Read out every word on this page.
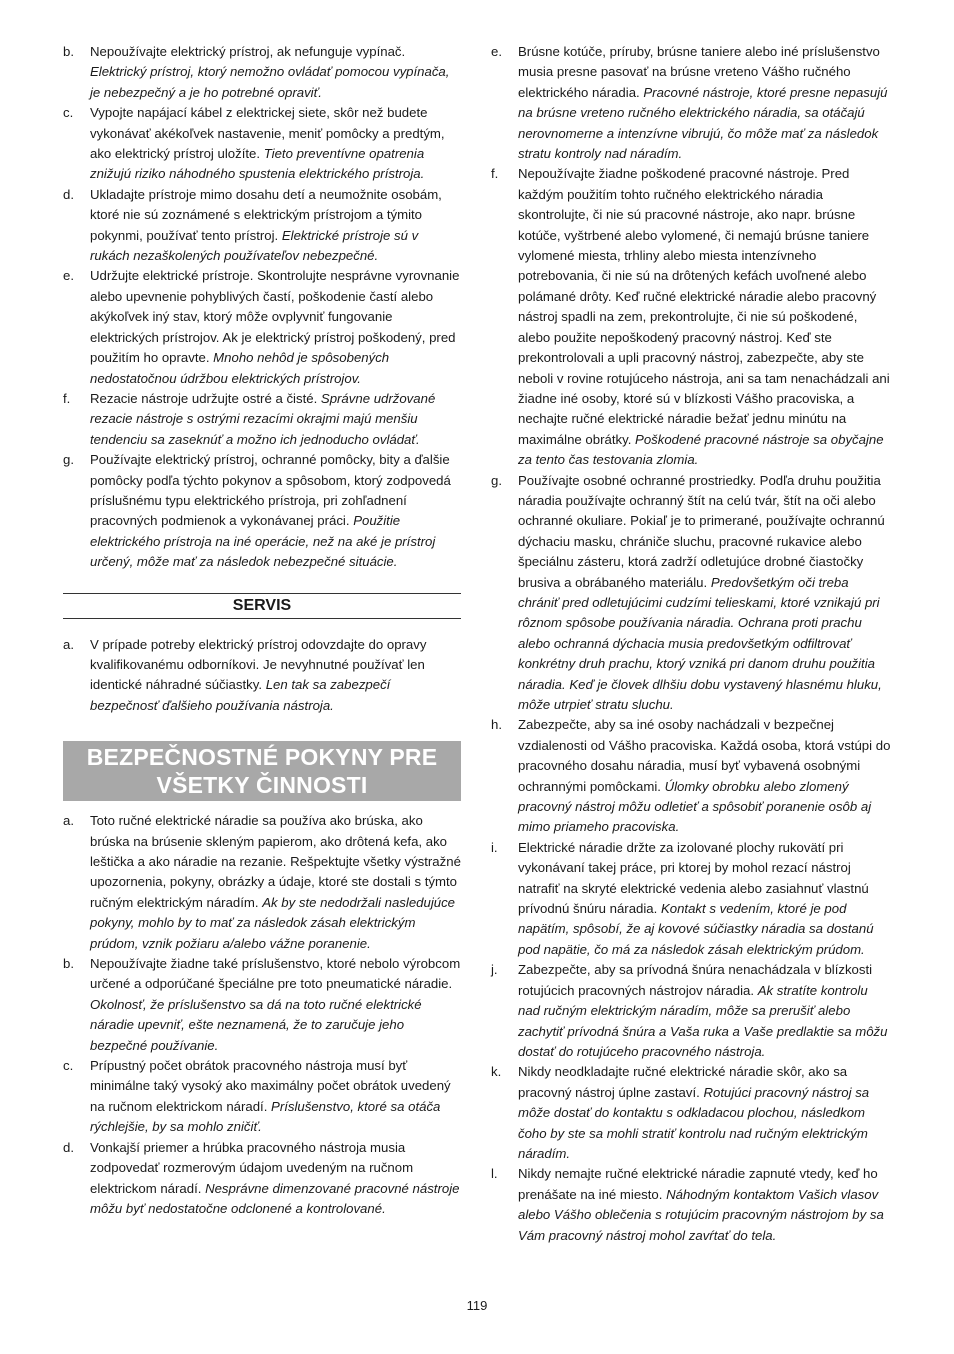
b. Nepoužívajte elektrický prístroj, ak nefunguje vypínač. Elektrický prístroj, ktorý nemožno ovládať pomocou vypínača, je nebezpečný a je ho potrebné opraviť.
c. Vypojte napájací kábel z elektrickej siete, skôr než budete vykonávať akékoľvek nastavenie, meniť pomôcky a predtým, ako elektrický prístroj uložíte. Tieto preventívne opatrenia znižujú riziko náhodného spustenia elektrického prístroja.
d. Ukladajte prístroje mimo dosahu detí a neumožnite osobám, ktoré nie sú zoznámené s elektrickým prístrojom a týmito pokynmi, používať tento prístroj. Elektrické prístroje sú v rukách nezaškolených používateľov nebezpečné.
e. Udržujte elektrické prístroje. Skontrolujte nesprávne vyrovnanie alebo upevnenie pohyblivých častí, poškodenie častí alebo akýkoľvek iný stav, ktorý môže ovplyvniť fungovanie elektrických prístrojov. Ak je elektrický prístroj poškodený, pred použitím ho opravte. Mnoho nehôd je spôsobených nedostatočnou údržbou elektrických prístrojov.
f. Rezacie nástroje udržujte ostré a čisté. Správne udržované rezacie nástroje s ostrými rezacími okrajmi majú menšiu tendenciu sa zaseknúť a možno ich jednoducho ovládať.
g. Používajte elektrický prístroj, ochranné pomôcky, bity a ďalšie pomôcky podľa týchto pokynov a spôsobom, ktorý zodpovedá príslušnému typu elektrického prístroja, pri zohľadnení pracovných podmienok a vykonávanej práci. Použitie elektrického prístroja na iné operácie, než na aké je prístroj určený, môže mať za následok nebezpečné situácie.
SERVIS
a. V prípade potreby elektrický prístroj odovzdajte do opravy kvalifikovanému odborníkovi. Je nevyhnutné používať len identické náhradné súčiastky. Len tak sa zabezpečí bezpečnosť ďalšieho používania nástroja.
BEZPEČNOSTNÉ POKYNY PRE VŠETKY ČINNOSTI
a. Toto ručné elektrické náradie sa používa ako brúska, ako brúska na brúsenie skleným papierom, ako drôtená kefa, ako leštička a ako náradie na rezanie. Rešpektujte všetky výstražné upozornenia, pokyny, obrázky a údaje, ktoré ste dostali s týmto ručným elektrickým náradím. Ak by ste nedodržali nasledujúce pokyny, mohlo by to mať za následok zásah elektrickým prúdom, vznik požiaru a/alebo vážne poranenie.
b. Nepoužívajte žiadne také príslušenstvo, ktoré nebolo výrobcom určené a odporúčané špeciálne pre toto pneumatické náradie. Okolnosť, že príslušenstvo sa dá na toto ručné elektrické náradie upevniť, ešte neznamená, že to zaručuje jeho bezpečné používanie.
c. Prípustný počet obrátok pracovného nástroja musí byť minimálne taký vysoký ako maximálny počet obrátok uvedený na ručnom elektrickom náradí. Príslušenstvo, ktoré sa otáča rýchlejšie, by sa mohlo zničiť.
d. Vonkajší priemer a hrúbka pracovného nástroja musia zodpovedať rozmerovým údajom uvedeným na ručnom elektrickom náradí. Nesprávne dimenzované pracovné nástroje môžu byť nedostatočne odclonené a kontrolované.
e. Brúsne kotúče, príruby, brúsne taniere alebo iné príslušenstvo musia presne pasovať na brúsne vreteno Vášho ručného elektrického náradia. Pracovné nástroje, ktoré presne nepasujú na brúsne vreteno ručného elektrického náradia, sa otáčajú nerovnomerne a intenzívne vibrujú, čo môže mať za následok stratu kontroly nad náradím.
f. Nepoužívajte žiadne poškodené pracovné nástroje. Pred každým použitím tohto ručného elektrického náradia skontrolujte, či nie sú pracovné nástroje, ako napr. brúsne kotúče, vyštrbené alebo vylomené, či nemajú brúsne taniere vylomené miesta, trhliny alebo miesta intenzívneho potrebovania, či nie sú na drôtených kefách uvoľnené alebo polámané drôty. Keď ručné elektrické náradie alebo pracovný nástroj spadli na zem, prekontrolujte, či nie sú poškodené, alebo použite nepoškodený pracovný nástroj. Keď ste prekontrolovali a upli pracovný nástroj, zabezpečte, aby ste neboli v rovine rotujúceho nástroja, ani sa tam nenachádzali ani žiadne iné osoby, ktoré sú v blízkosti Vášho pracoviska, a nechajte ručné elektrické náradie bežať jednu minútu na maximálne obrátky. Poškodené pracovné nástroje sa obyčajne za tento čas testovania zlomia.
g. Používajte osobné ochranné prostriedky. Podľa druhu použitia náradia používajte ochranný štít na celú tvár, štít na oči alebo ochranné okuliare. Pokiaľ je to primerané, používajte ochrannú dýchaciu masku, chrániče sluchu, pracovné rukavice alebo špeciálnu zásteru, ktorá zadrží odletujúce drobné čiastočky brusiva a obrábaného materiálu. Predovšetkým oči treba chrániť pred odletujúcimi cudzími telieskami, ktoré vznikajú pri rôznom spôsobe používania náradia. Ochrana proti prachu alebo ochranná dýchacia musia predovšetkým odfiltrovať konkrétny druh prachu, ktorý vzniká pri danom druhu použitia náradia. Keď je človek dlhšiu dobu vystavený hlasnému hluku, môže utrpieť stratu sluchu.
h. Zabezpečte, aby sa iné osoby nachádzali v bezpečnej vzdialenosti od Vášho pracoviska. Každá osoba, ktorá vstúpi do pracovného dosahu náradia, musí byť vybavená osobnými ochrannými pomôckami. Úlomky obrobku alebo zlomený pracovný nástroj môžu odletieť a spôsobiť poranenie osôb aj mimo priameho pracoviska.
i. Elektrické náradie držte za izolované plochy rukovätí pri vykonávaní takej práce, pri ktorej by mohol rezací nástroj natrafiť na skryté elektrické vedenia alebo zasiahnuť vlastnú prívodnú šnúru náradia. Kontakt s vedením, ktoré je pod napätím, spôsobí, že aj kovové súčiastky náradia sa dostanú pod napätie, čo má za následok zásah elektrickým prúdom.
j. Zabezpečte, aby sa prívodná šnúra nenachádzala v blízkosti rotujúcich pracovných nástrojov náradia. Ak stratíte kontrolu nad ručným elektrickým náradím, môže sa prerušiť alebo zachytiť prívodná šnúra a Vaša ruka a Vaše predlaktie sa môžu dostať do rotujúceho pracovného nástroja.
k. Nikdy neodkladajte ručné elektrické náradie skôr, ako sa pracovný nástroj úplne zastaví. Rotujúci pracovný nástroj sa môže dostať do kontaktu s odkladacou plochou, následkom čoho by ste sa mohli stratiť kontrolu nad ručným elektrickým náradím.
l. Nikdy nemajte ručné elektrické náradie zapnuté vtedy, keď ho prenášate na iné miesto. Náhodným kontaktom Vašich vlasov alebo Vášho oblečenia s rotujúcim pracovným nástrojom by sa Vám pracovný nástroj mohol zavŕtať do tela.
119
